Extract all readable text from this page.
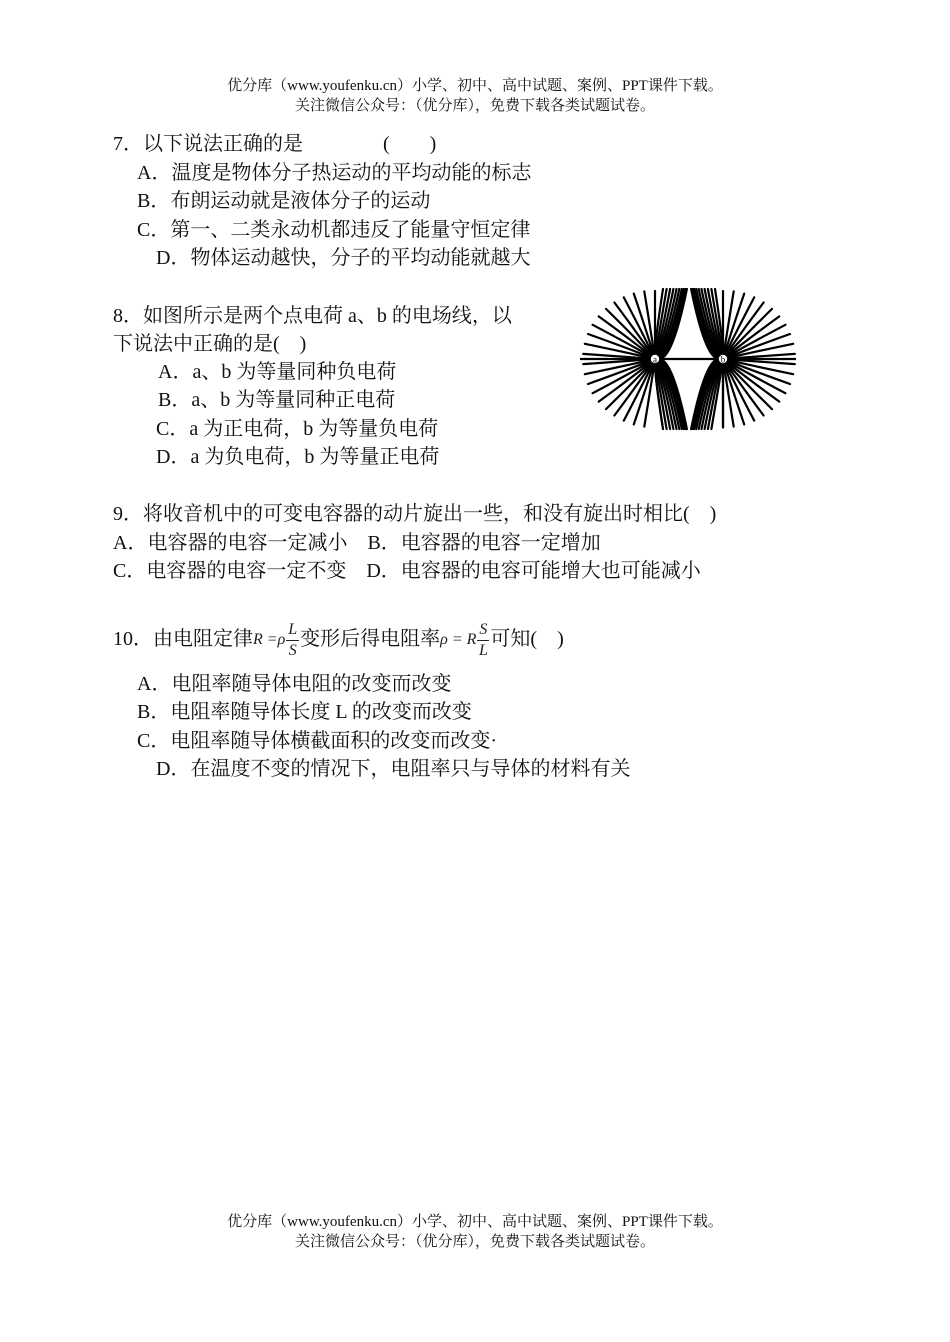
优分库（www.youfenku.cn）小学、初中、高中试题、案例、PPT课件下载。
关注微信公众号：（优分库），免费下载各类试题试卷。
7．以下说法正确的是　　　　(　　)
A．温度是物体分子热运动的平均动能的标志
B．布朗运动就是液体分子的运动
C．第一、二类永动机都违反了能量守恒定律
D．物体运动越快，分子的平均动能就越大
8．如图所示是两个点电荷 a、b 的电场线，以
下说法中正确的是(　)
A．a、b 为等量同种负电荷
B．a、b 为等量同种正电荷
C．a 为正电荷，b 为等量负电荷
D．a 为负电荷，b 为等量正电荷
a	b
9．将收音机中的可变电容器的动片旋出一些，和没有旋出时相比(　)
A．电容器的电容一定减小　B．电容器的电容一定增加
C．电容器的电容一定不变　D．电容器的电容可能增大也可能减小
10．由电阻定律$R =\rho \frac{L}{S}$ 变形后得电阻率ρ = R $\frac{S}{L}$ 可知(　)
A．电阻率随导体电阻的改变而改变
B．电阻率随导体长度 L 的改变而改变
C．电阻率随导体横截面积的改变而改变·
D．在温度不变的情况下，电阻率只与导体的材料有关
优分库（www.youfenku.cn）小学、初中、高中试题、案例、PPT课件下载。
关注微信公众号：（优分库），免费下载各类试题试卷。
